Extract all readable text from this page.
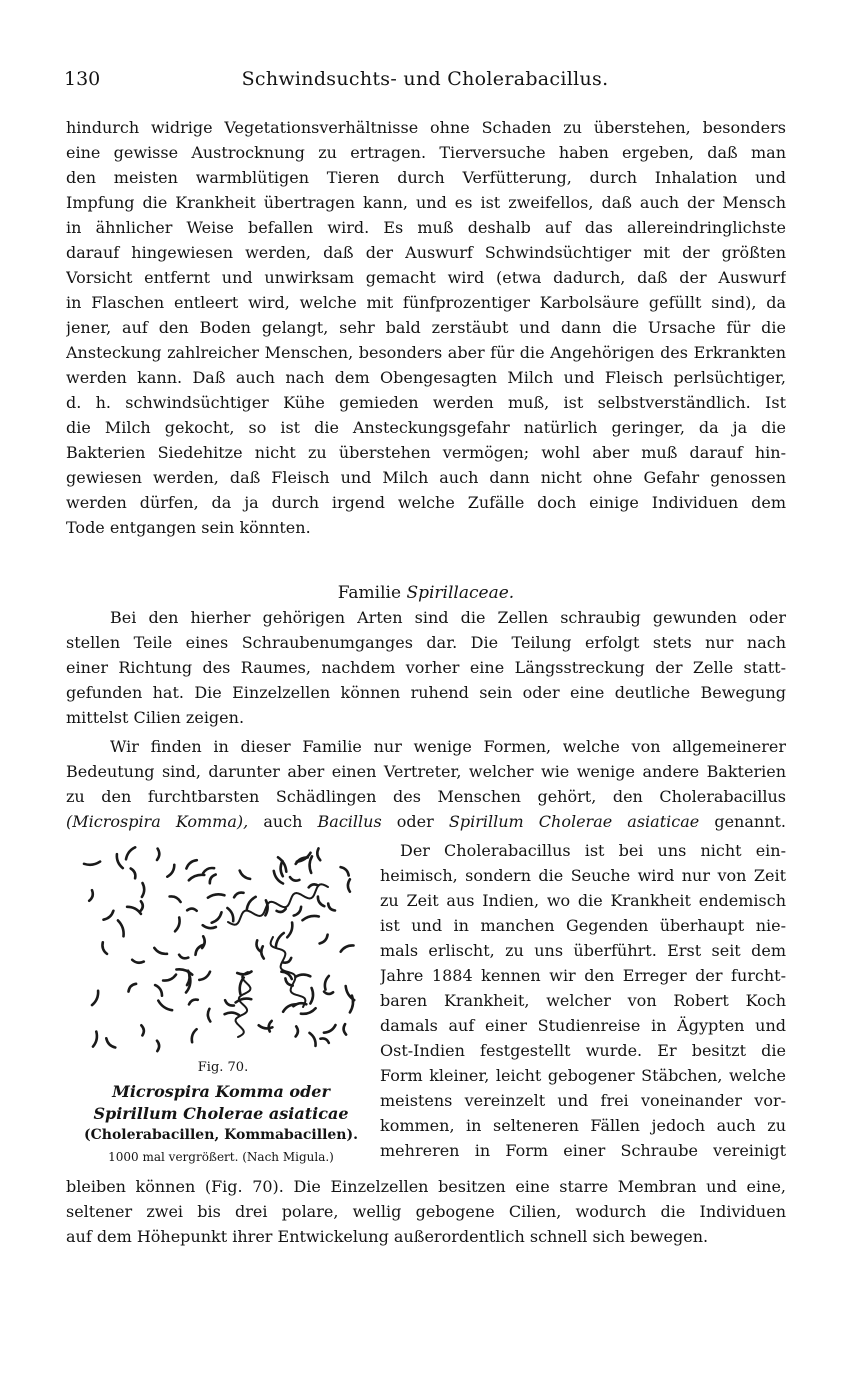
130	Schwindsuchts- und Cholerabacillus.
hindurch widrige Vegetationsverhältnisse ohne Schaden zu überstehen, besonders
eine gewisse Austrocknung zu ertragen. Tierversuche haben ergeben, daß man
den meisten warmblütigen Tieren durch Verfütterung, durch Inhalation und
Impfung die Krankheit übertragen kann, und es ist zweifellos, daß auch der Mensch
in ähnlicher Weise befallen wird. Es muß deshalb auf das allereindringlichste
darauf hingewiesen werden, daß der Auswurf Schwindsüchtiger mit der größten
Vorsicht entfernt und unwirksam gemacht wird (etwa dadurch, daß der Auswurf
in Flaschen entleert wird, welche mit fünfprozentiger Karbolsäure gefüllt sind), da
jener, auf den Boden gelangt, sehr bald zerstäubt und dann die Ursache für die
Ansteckung zahlreicher Menschen, besonders aber für die Angehörigen des Erkrankten
werden kann. Daß auch nach dem Obengesagten Milch und Fleisch perlsüchtiger,
d. h. schwindsüchtiger Kühe gemieden werden muß, ist selbstverständlich. Ist
die Milch gekocht, so ist die Ansteckungsgefahr natürlich geringer, da ja die
Bakterien Siedehitze nicht zu überstehen vermögen; wohl aber muß darauf hin-
gewiesen werden, daß Fleisch und Milch auch dann nicht ohne Gefahr genossen
werden dürfen, da ja durch irgend welche Zufälle doch einige Individuen dem
Tode entgangen sein könnten.
Familie Spirillaceae.
Bei den hierher gehörigen Arten sind die Zellen schraubig gewunden oder
stellen Teile eines Schraubenumganges dar. Die Teilung erfolgt stets nur nach
einer Richtung des Raumes, nachdem vorher eine Längsstreckung der Zelle statt-
gefunden hat. Die Einzelzellen können ruhend sein oder eine deutliche Bewegung
mittelst Cilien zeigen.
Wir finden in dieser Familie nur wenige Formen, welche von allgemeinerer
Bedeutung sind, darunter aber einen Vertreter, welcher wie wenige andere Bakterien
zu den furchtbarsten Schädlingen des Menschen gehört, den Cholerabacillus
(Microspira Komma), auch Bacillus oder Spirillum Cholerae asiaticae genannt.
Fig. 70.
Microspira Komma oder
Spirillum Cholerae asiaticae
(Cholerabacillen, Kommabacillen).
1000 mal vergrößert. (Nach Migula.)
Der Cholerabacillus ist bei uns nicht ein-
heimisch, sondern die Seuche wird nur von Zeit
zu Zeit aus Indien, wo die Krankheit endemisch
ist und in manchen Gegenden überhaupt nie-
mals erlischt, zu uns überführt. Erst seit dem
Jahre 1884 kennen wir den Erreger der furcht-
baren Krankheit, welcher von Robert Koch
damals auf einer Studienreise in Ägypten und
Ost-Indien festgestellt wurde. Er besitzt die
Form kleiner, leicht gebogener Stäbchen, welche
meistens vereinzelt und frei voneinander vor-
kommen, in selteneren Fällen jedoch auch zu
mehreren in Form einer Schraube vereinigt
bleiben können (Fig. 70). Die Einzelzellen besitzen eine starre Membran und eine,
seltener zwei bis drei polare, wellig gebogene Cilien, wodurch die Individuen
auf dem Höhepunkt ihrer Entwickelung außerordentlich schnell sich bewegen.
